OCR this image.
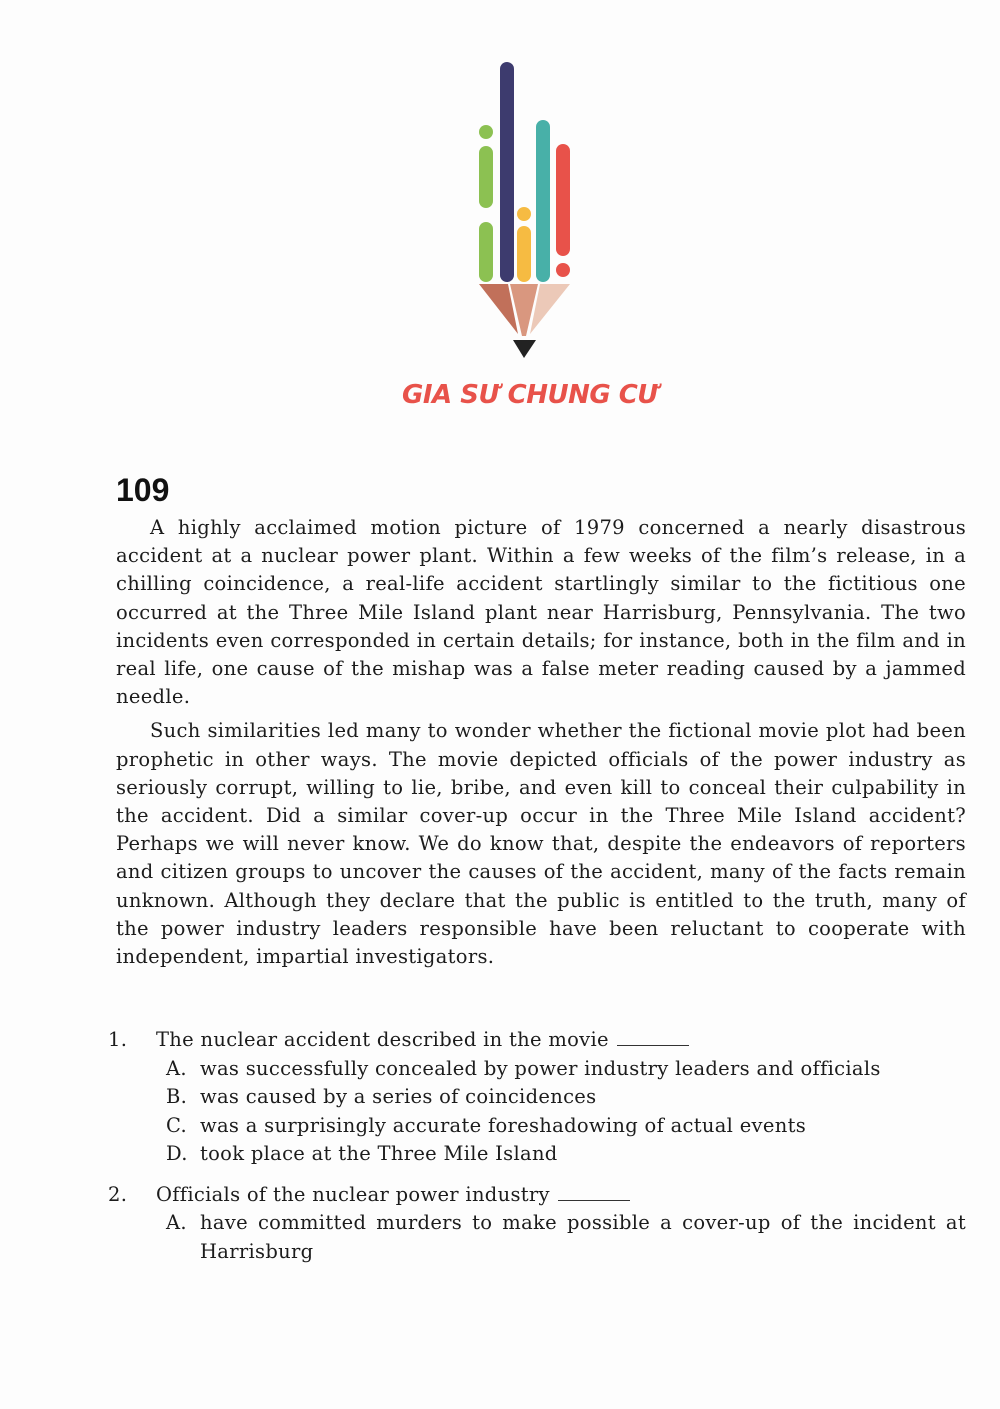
GIA SƯ CHUNG CƯ
109

A highly acclaimed motion picture of 1979 concerned a nearly disastrous accident at a nuclear power plant. Within a few weeks of the film’s release, in a chilling coincidence, a real-life accident startlingly similar to the fictitious one occurred at the Three Mile Island plant near Harrisburg, Pennsylvania. The two incidents even corresponded in certain details; for instance, both in the film and in real life, one cause of the mishap was a false meter reading caused by a jammed needle.

Such similarities led many to wonder whether the fictional movie plot had been prophetic in other ways. The movie depicted officials of the power industry as seriously corrupt, willing to lie, bribe, and even kill to conceal their culpability in the accident. Did a similar cover-up occur in the Three Mile Island accident? Perhaps we will never know. We do know that, despite the endeavors of reporters and citizen groups to uncover the causes of the accident, many of the facts remain unknown. Although they declare that the public is entitled to the truth, many of the power industry leaders responsible have been reluctant to cooperate with independent, impartial investigators.

1.	The nuclear accident described in the movie
A. was successfully concealed by power industry leaders and officials
B. was caused by a series of coincidences
C. was a surprisingly accurate foreshadowing of actual events
D. took place at the Three Mile Island
2.	Officials of the nuclear power industry
A. have committed murders to make possible a cover-up of the incident at Harrisburg
